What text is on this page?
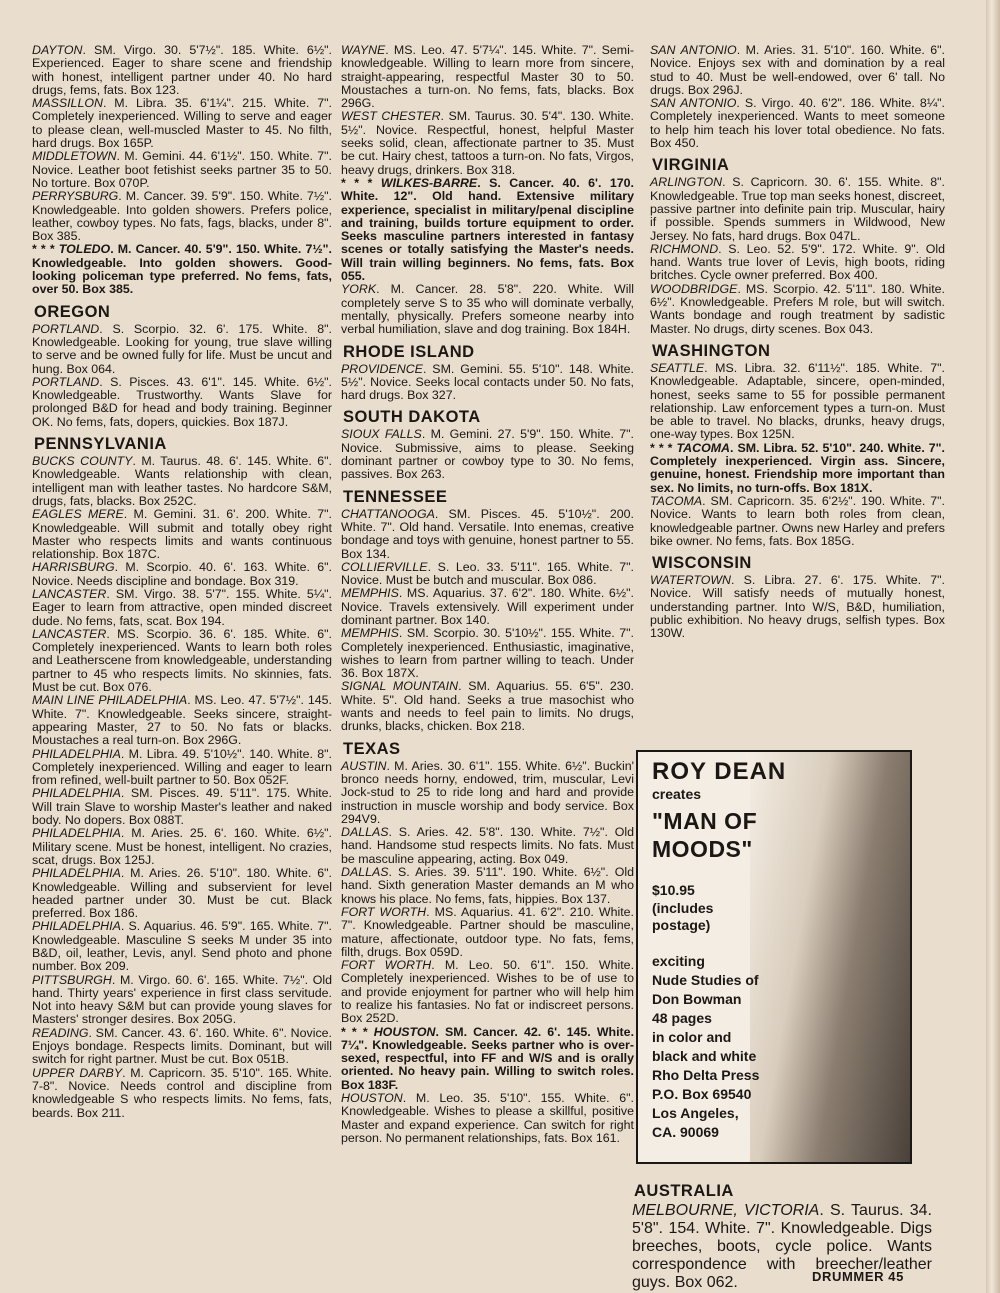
DAYTON. SM. Virgo. 30. 5'7½". 185. White. 6½". Experienced. Eager to share scene and friendship with honest, intelligent partner under 40. No hard drugs, fems, fats. Box 123.
MASSILLON. M. Libra. 35. 6'1¼". 215. White. 7". Completely inexperienced. Willing to serve and eager to please clean, well-muscled Master to 45. No filth, hard drugs. Box 165P.
MIDDLETOWN. M. Gemini. 44. 6'1½". 150. White. 7". Novice. Leather boot fetishist seeks partner 35 to 50. No torture. Box 070P.
PERRYSBURG. M. Cancer. 39. 5'9". 150. White. 7½". Knowledgeable. Into golden showers. Prefers police, leather, cowboy types. No fats, fags, blacks, under 8". Box 385.
* * * TOLEDO. M. Cancer. 40. 5'9". 150. White. 7½". Knowledgeable. Into golden showers. Good-looking policeman type preferred. No fems, fats, over 50. Box 385.
OREGON
PORTLAND. S. Scorpio. 32. 6'. 175. White. 8". Knowledgeable. Looking for young, true slave willing to serve and be owned fully for life. Must be uncut and hung. Box 064.
PORTLAND. S. Pisces. 43. 6'1". 145. White. 6½". Knowledgeable. Trustworthy. Wants Slave for prolonged B&D for head and body training. Beginner OK. No fems, fats, dopers, quickies. Box 187J.
PENNSYLVANIA
BUCKS COUNTY. M. Taurus. 48. 6'. 145. White. 6". Knowledgeable. Wants relationship with clean, intelligent man with leather tastes. No hardcore S&M, drugs, fats, blacks. Box 252C.
EAGLES MERE. M. Gemini. 31. 6'. 200. White. 7". Knowledgeable. Will submit and totally obey right Master who respects limits and wants continuous relationship. Box 187C.
HARRISBURG. M. Scorpio. 40. 6'. 163. White. 6". Novice. Needs discipline and bondage. Box 319.
LANCASTER. SM. Virgo. 38. 5'7". 155. White. 5¼". Eager to learn from attractive, open minded discreet dude. No fems, fats, scat. Box 194.
LANCASTER. MS. Scorpio. 36. 6'. 185. White. 6". Completely inexperienced. Wants to learn both roles and Leatherscene from knowledgeable, understanding partner to 45 who respects limits. No skinnies, fats. Must be cut. Box 076.
MAIN LINE PHILADELPHIA. MS. Leo. 47. 5'7½". 145. White. 7". Knowledgeable. Seeks sincere, straight-appearing Master, 27 to 50. No fats or blacks. Moustaches a real turn-on. Box 296G.
PHILADELPHIA. M. Libra. 49. 5'10½". 140. White. 8". Completely inexperienced. Willing and eager to learn from refined, well-built partner to 50. Box 052F.
PHILADELPHIA. SM. Pisces. 49. 5'11". 175. White. Will train Slave to worship Master's leather and naked body. No dopers. Box 088T.
PHILADELPHIA. M. Aries. 25. 6'. 160. White. 6½". Military scene. Must be honest, intelligent. No crazies, scat, drugs. Box 125J.
PHILADELPHIA. M. Aries. 26. 5'10". 180. White. 6". Knowledgeable. Willing and subservient for level headed partner under 30. Must be cut. Black preferred. Box 186.
PHILADELPHIA. S. Aquarius. 46. 5'9". 165. White. 7". Knowledgeable. Masculine S seeks M under 35 into B&D, oil, leather, Levis, anyl. Send photo and phone number. Box 209.
PITTSBURGH. M. Virgo. 60. 6'. 165. White. 7½". Old hand. Thirty years' experience in first class servitude. Not into heavy S&M but can provide young slaves for Masters' stronger desires. Box 205G.
READING. SM. Cancer. 43. 6'. 160. White. 6". Novice. Enjoys bondage. Respects limits. Dominant, but will switch for right partner. Must be cut. Box 051B.
UPPER DARBY. M. Capricorn. 35. 5'10". 165. White. 7-8". Novice. Needs control and discipline from knowledgeable S who respects limits. No fems, fats, beards. Box 211.
WAYNE. MS. Leo. 47. 5'7¼". 145. White. 7". Semi-knowledgeable. Willing to learn more from sincere, straight-appearing, respectful Master 30 to 50. Moustaches a turn-on. No fems, fats, blacks. Box 296G.
WEST CHESTER. SM. Taurus. 30. 5'4". 130. White. 5½". Novice. Respectful, honest, helpful Master seeks solid, clean, affectionate partner to 35. Must be cut. Hairy chest, tattoos a turn-on. No fats, Virgos, heavy drugs, drinkers. Box 318.
* * * WILKES-BARRE. S. Cancer. 40. 6'. 170. White. 12". Old hand. Extensive military experience, specialist in military/penal discipline and training, builds torture equipment to order. Seeks masculine partners interested in fantasy scenes or totally satisfying the Master's needs. Will train willing beginners. No fems, fats. Box 055.
YORK. M. Cancer. 28. 5'8". 220. White. Will completely serve S to 35 who will dominate verbally, mentally, physically. Prefers someone nearby into verbal humiliation, slave and dog training. Box 184H.
RHODE ISLAND
PROVIDENCE. SM. Gemini. 55. 5'10". 148. White. 5½". Novice. Seeks local contacts under 50. No fats, hard drugs. Box 327.
SOUTH DAKOTA
SIOUX FALLS. M. Gemini. 27. 5'9". 150. White. 7". Novice. Submissive, aims to please. Seeking dominant partner or cowboy type to 30. No fems, passives. Box 263.
TENNESSEE
CHATTANOOGA. SM. Pisces. 45. 5'10½". 200. White. 7". Old hand. Versatile. Into enemas, creative bondage and toys with genuine, honest partner to 55. Box 134.
COLLIERVILLE. S. Leo. 33. 5'11". 165. White. 7". Novice. Must be butch and muscular. Box 086.
MEMPHIS. MS. Aquarius. 37. 6'2". 180. White. 6½". Novice. Travels extensively. Will experiment under dominant partner. Box 140.
MEMPHIS. SM. Scorpio. 30. 5'10½". 155. White. 7". Completely inexperienced. Enthusiastic, imaginative, wishes to learn from partner willing to teach. Under 36. Box 187X.
SIGNAL MOUNTAIN. SM. Aquarius. 55. 6'5". 230. White. 5". Old hand. Seeks a true masochist who wants and needs to feel pain to limits. No drugs, drunks, blacks, chicken. Box 218.
TEXAS
AUSTIN. M. Aries. 30. 6'1". 155. White. 6½". Buckin' bronco needs horny, endowed, trim, muscular, Levi Jock-stud to 25 to ride long and hard and provide instruction in muscle worship and body service. Box 294V9.
DALLAS. S. Aries. 42. 5'8". 130. White. 7½". Old hand. Handsome stud respects limits. No fats. Must be masculine appearing, acting. Box 049.
DALLAS. S. Aries. 39. 5'11". 190. White. 6½". Old hand. Sixth generation Master demands an M who knows his place. No fems, fats, hippies. Box 137.
FORT WORTH. MS. Aquarius. 41. 6'2". 210. White. 7". Knowledgeable. Partner should be masculine, mature, affectionate, outdoor type. No fats, fems, filth, drugs. Box 059D.
FORT WORTH. M. Leo. 50. 6'1". 150. White. Completely inexperienced. Wishes to be of use to and provide enjoyment for partner who will help him to realize his fantasies. No fat or indiscreet persons. Box 252D.
* * * HOUSTON. SM. Cancer. 42. 6'. 145. White. 7¼". Knowledgeable. Seeks partner who is over-sexed, respectful, into FF and W/S and is orally oriented. No heavy pain. Willing to switch roles. Box 183F.
HOUSTON. M. Leo. 35. 5'10". 155. White. 6". Knowledgeable. Wishes to please a skillful, positive Master and expand experience. Can switch for right person. No permanent relationships, fats. Box 161.
SAN ANTONIO. M. Aries. 31. 5'10". 160. White. 6". Novice. Enjoys sex with and domination by a real stud to 40. Must be well-endowed, over 6' tall. No drugs. Box 296J.
SAN ANTONIO. S. Virgo. 40. 6'2". 186. White. 8¼". Completely inexperienced. Wants to meet someone to help him teach his lover total obedience. No fats. Box 450.
VIRGINIA
ARLINGTON. S. Capricorn. 30. 6'. 155. White. 8". Knowledgeable. True top man seeks honest, discreet, passive partner into definite pain trip. Muscular, hairy if possible. Spends summers in Wildwood, New Jersey. No fats, hard drugs. Box 047L.
RICHMOND. S. Leo. 52. 5'9". 172. White. 9". Old hand. Wants true lover of Levis, high boots, riding britches. Cycle owner preferred. Box 400.
WOODBRIDGE. MS. Scorpio. 42. 5'11". 180. White. 6½". Knowledgeable. Prefers M role, but will switch. Wants bondage and rough treatment by sadistic Master. No drugs, dirty scenes. Box 043.
WASHINGTON
SEATTLE. MS. Libra. 32. 6'11½". 185. White. 7". Knowledgeable. Adaptable, sincere, open-minded, honest, seeks same to 55 for possible permanent relationship. Law enforcement types a turn-on. Must be able to travel. No blacks, drunks, heavy drugs, one-way types. Box 125N.
* * * TACOMA. SM. Libra. 52. 5'10". 240. White. 7". Completely inexperienced. Virgin ass. Sincere, genuine, honest. Friendship more important than sex. No limits, no turn-offs. Box 181X.
TACOMA. SM. Capricorn. 35. 6'2½". 190. White. 7". Novice. Wants to learn both roles from clean, knowledgeable partner. Owns new Harley and prefers bike owner. No fems, fats. Box 185G.
WISCONSIN
WATERTOWN. S. Libra. 27. 6'. 175. White. 7". Novice. Will satisfy needs of mutually honest, understanding partner. Into W/S, B&D, humiliation, public exhibition. No heavy drugs, selfish types. Box 130W.
ROY DEAN
creates
"MAN OF
MOODS"
$10.95
(includes
postage)
exciting
Nude Studies of
Don Bowman
48 pages
in color and
black and white
Rho Delta Press
P.O. Box 69540
Los Angeles,
CA. 90069
AUSTRALIA
MELBOURNE, VICTORIA. S. Taurus. 34. 5'8". 154. White. 7". Knowledgeable. Digs breeches, boots, cycle police. Wants correspondence with breecher/leather guys. Box 062.	DRUMMER 45
